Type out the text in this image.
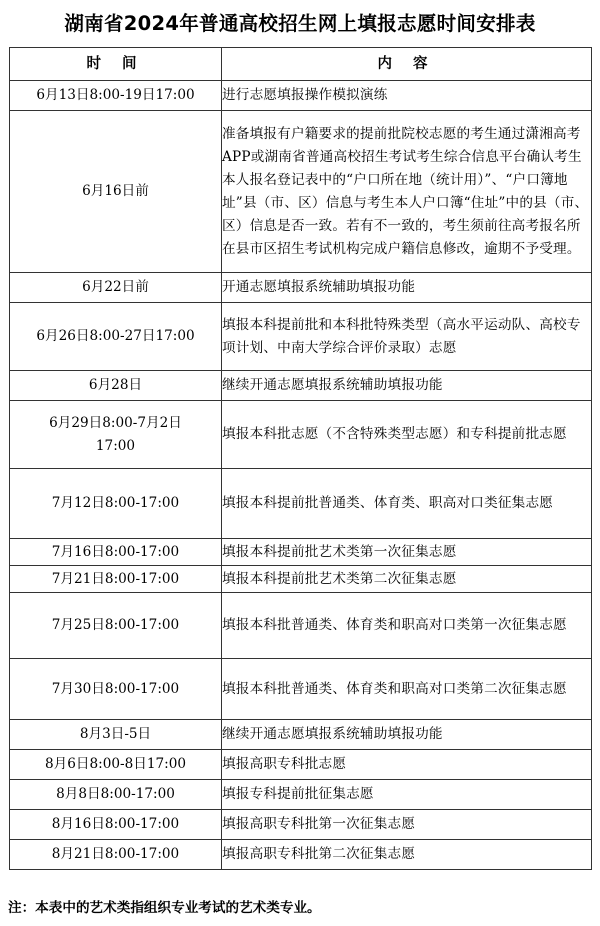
湖南省2024年普通高校招生网上填报志愿时间安排表
时 间	内 容
6月13日8:00-19日17:00	进行志愿填报操作模拟演练
6月16日前	准备填报有户籍要求的提前批院校志愿的考生通过潇湘高考APP或湖南省普通高校招生考试考生综合信息平台确认考生本人报名登记表中的“户口所在地（统计用）”、“户口簿地址”县（市、区）信息与考生本人户口簿“住址”中的县（市、区）信息是否一致。若有不一致的，考生须前往高考报名所在县市区招生考试机构完成户籍信息修改，逾期不予受理。
6月22日前	开通志愿填报系统辅助填报功能
6月26日8:00-27日17:00	填报本科提前批和本科批特殊类型（高水平运动队、高校专项计划、中南大学综合评价录取）志愿
6月28日	继续开通志愿填报系统辅助填报功能
6月29日8:00-7月2日17:00	填报本科批志愿（不含特殊类型志愿）和专科提前批志愿
7月12日8:00-17:00	填报本科提前批普通类、体育类、职高对口类征集志愿
7月16日8:00-17:00	填报本科提前批艺术类第一次征集志愿
7月21日8:00-17:00	填报本科提前批艺术类第二次征集志愿
7月25日8:00-17:00	填报本科批普通类、体育类和职高对口类第一次征集志愿
7月30日8:00-17:00	填报本科批普通类、体育类和职高对口类第二次征集志愿
8月3日-5日	继续开通志愿填报系统辅助填报功能
8月6日8:00-8日17:00	填报高职专科批志愿
8月8日8:00-17:00	填报专科提前批征集志愿
8月16日8:00-17:00	填报高职专科批第一次征集志愿
8月21日8:00-17:00	填报高职专科批第二次征集志愿
注：本表中的艺术类指组织专业考试的艺术类专业。
